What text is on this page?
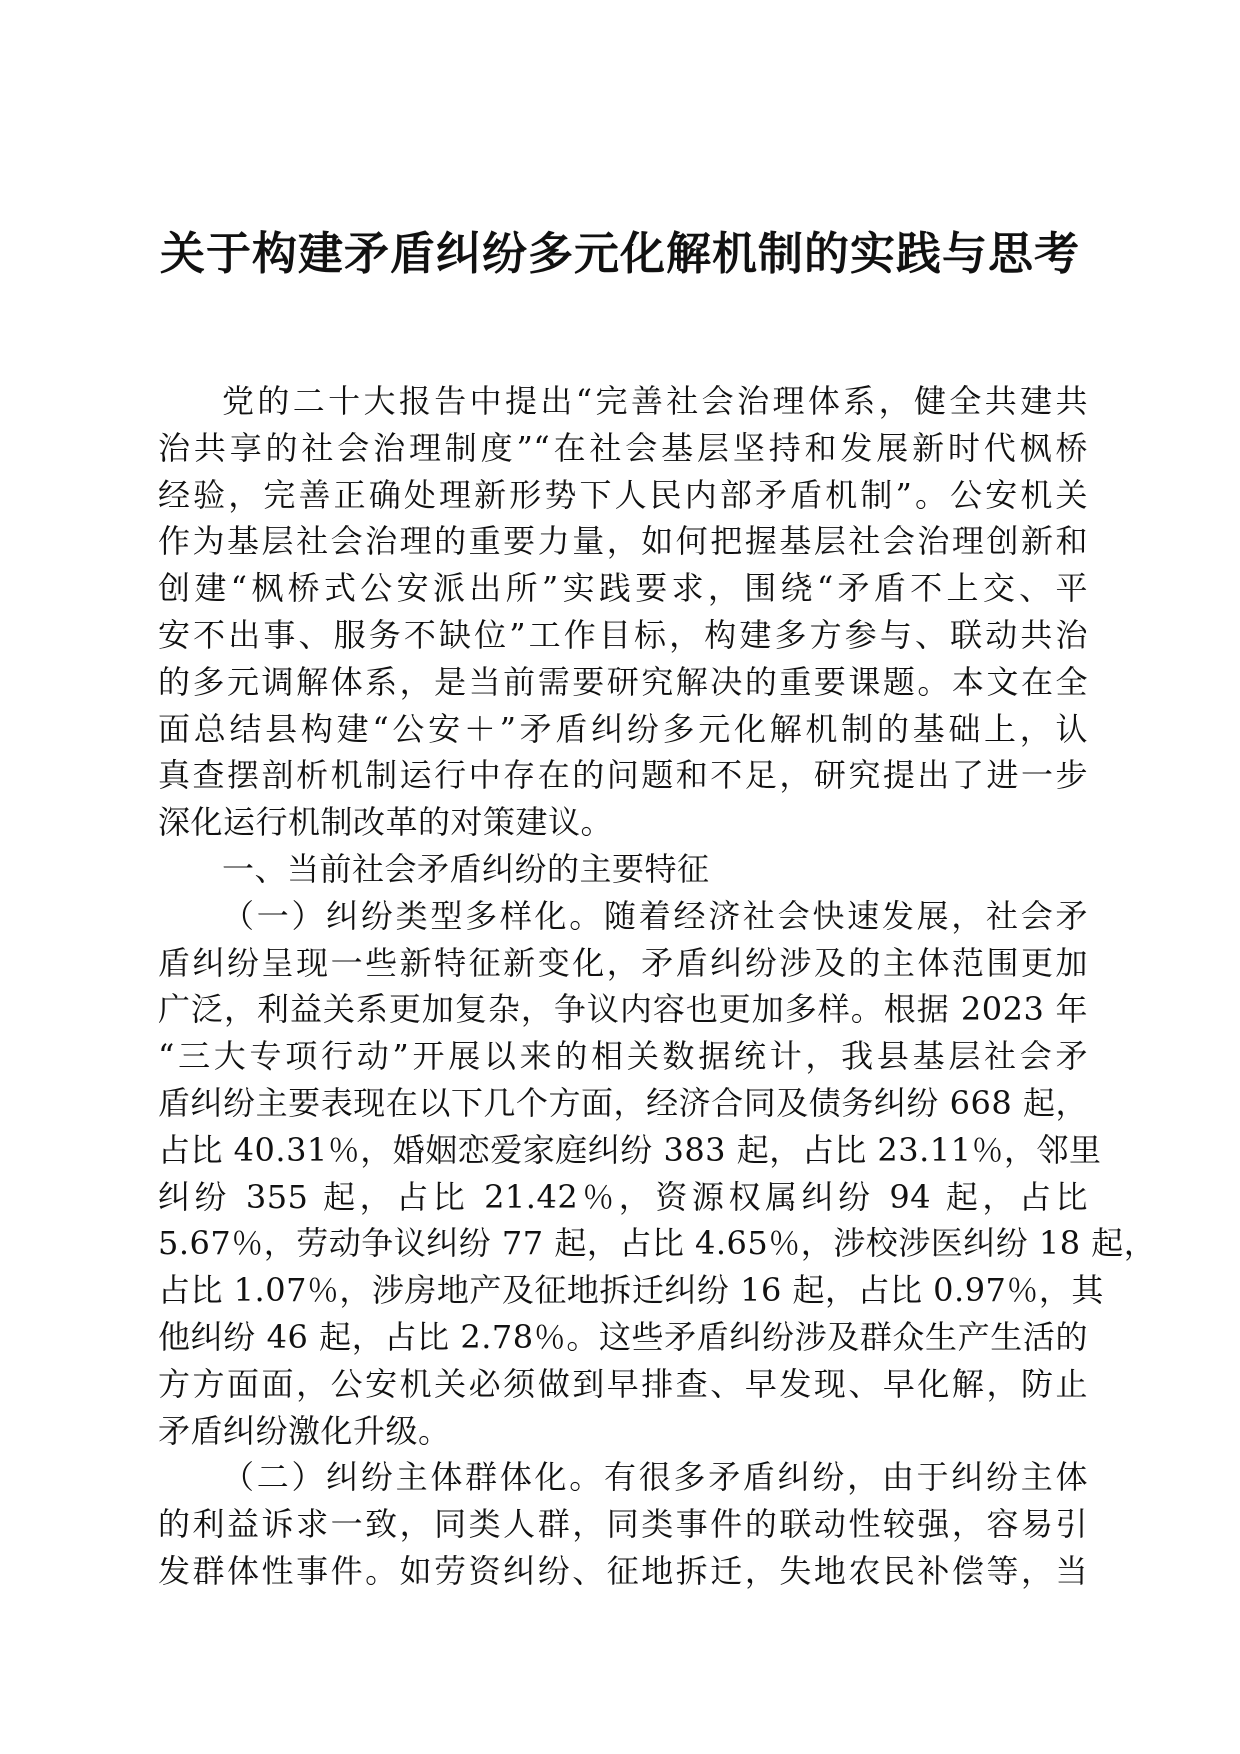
关于构建矛盾纠纷多元化解机制的实践与思考
党的二十大报告中提出“完善社会治理体系，健全共建共
治共享的社会治理制度”“在社会基层坚持和发展新时代枫桥
经验，完善正确处理新形势下人民内部矛盾机制”。公安机关
作为基层社会治理的重要力量，如何把握基层社会治理创新和
创建“枫桥式公安派出所”实践要求，围绕“矛盾不上交、平
安不出事、服务不缺位”工作目标，构建多方参与、联动共治
的多元调解体系，是当前需要研究解决的重要课题。本文在全
面总结县构建“公安＋”矛盾纠纷多元化解机制的基础上，认
真查摆剖析机制运行中存在的问题和不足，研究提出了进一步
深化运行机制改革的对策建议。
一、当前社会矛盾纠纷的主要特征
（一）纠纷类型多样化。随着经济社会快速发展，社会矛
盾纠纷呈现一些新特征新变化，矛盾纠纷涉及的主体范围更加
广泛，利益关系更加复杂，争议内容也更加多样。根据 2023 年
“三大专项行动”开展以来的相关数据统计，我县基层社会矛
盾纠纷主要表现在以下几个方面，经济合同及债务纠纷 668 起，
占比 40.31％，婚姻恋爱家庭纠纷 383 起，占比 23.11％，邻里
纠纷 355 起，占比 21.42％，资源权属纠纷 94 起，占比
5.67％，劳动争议纠纷 77 起，占比 4.65％，涉校涉医纠纷 18 起，
占比 1.07％，涉房地产及征地拆迁纠纷 16 起，占比 0.97％，其
他纠纷 46 起，占比 2.78％。这些矛盾纠纷涉及群众生产生活的
方方面面，公安机关必须做到早排查、早发现、早化解，防止
矛盾纠纷激化升级。
（二）纠纷主体群体化。有很多矛盾纠纷，由于纠纷主体
的利益诉求一致，同类人群，同类事件的联动性较强，容易引
发群体性事件。如劳资纠纷、征地拆迁，失地农民补偿等，当
